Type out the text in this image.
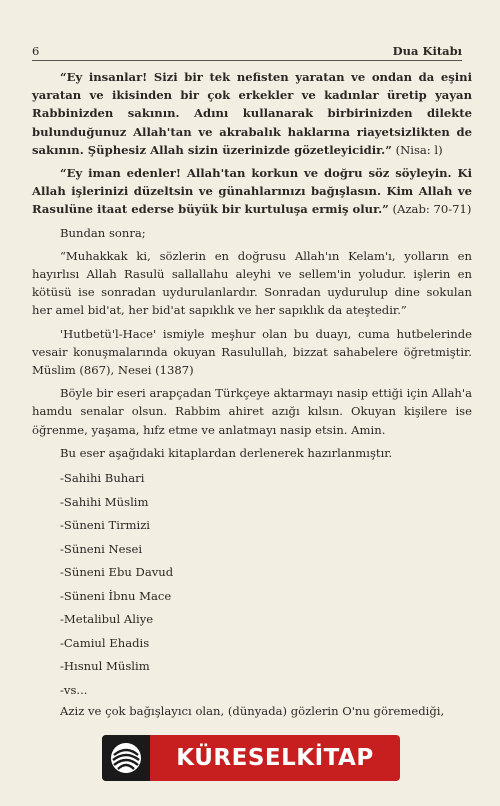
6	Dua Kitabı

“Ey insanlar! Sizi bir tek nefisten yaratan ve ondan da eşini yaratan ve ikisinden bir çok erkekler ve kadınlar üretip yayan Rabbinizden sakının. Adını kullanarak birbirinizden dilekte bulunduğunuz Allah'tan ve akrabalık haklarına riayetsizlikten de sakının. Şüphesiz Allah sizin üzerinizde gözetleyicidir.” (Nisa: l)

“Ey iman edenler! Allah'tan korkun ve doğru söz söyleyin. Ki Allah işlerinizi düzeltsin ve günahlarınızı bağışlasın. Kim Allah ve Rasulüne itaat ederse büyük bir kurtuluşa ermiş olur.” (Azab: 70-71)

Bundan sonra;

“Muhakkak ki, sözlerin en doğrusu Allah'ın Kelam'ı, yolların en hayırlısı Allah Rasulü sallallahu aleyhi ve sellem'in yoludur. işlerin en kötüsü ise sonradan uydurulanlardır. Sonradan uydurulup dine sokulan her amel bid'at, her bid'at sapıklık ve her sapıklık da ateştedir.”

'Hutbetü'l-Hace' ismiyle meşhur olan bu duayı, cuma hutbelerinde vesair konuşmalarında okuyan Rasulullah, bizzat sahabelere öğretmiştir. Müslim (867), Nesei (1387)

Böyle bir eseri arapçadan Türkçeye aktarmayı nasip ettiği için Allah'a hamdu senalar olsun. Rabbim ahiret azığı kılsın. Okuyan kişilere ise öğrenme, yaşama, hıfz etme ve anlatmayı nasip etsin. Amin.

Bu eser aşağıdaki kitaplardan derlenerek hazırlanmıştır.

-Sahihi Buhari
-Sahihi Müslim
-Süneni Tirmizi
-Süneni Nesei
-Süneni Ebu Davud
-Süneni İbnu Mace
-Metalibul Aliye
-Camiul Ehadis
-Hısnul Müslim
-vs...

Aziz ve çok bağışlayıcı olan, (dünyada) gözlerin O'nu göremediği,

KÜRESELKİTAP
